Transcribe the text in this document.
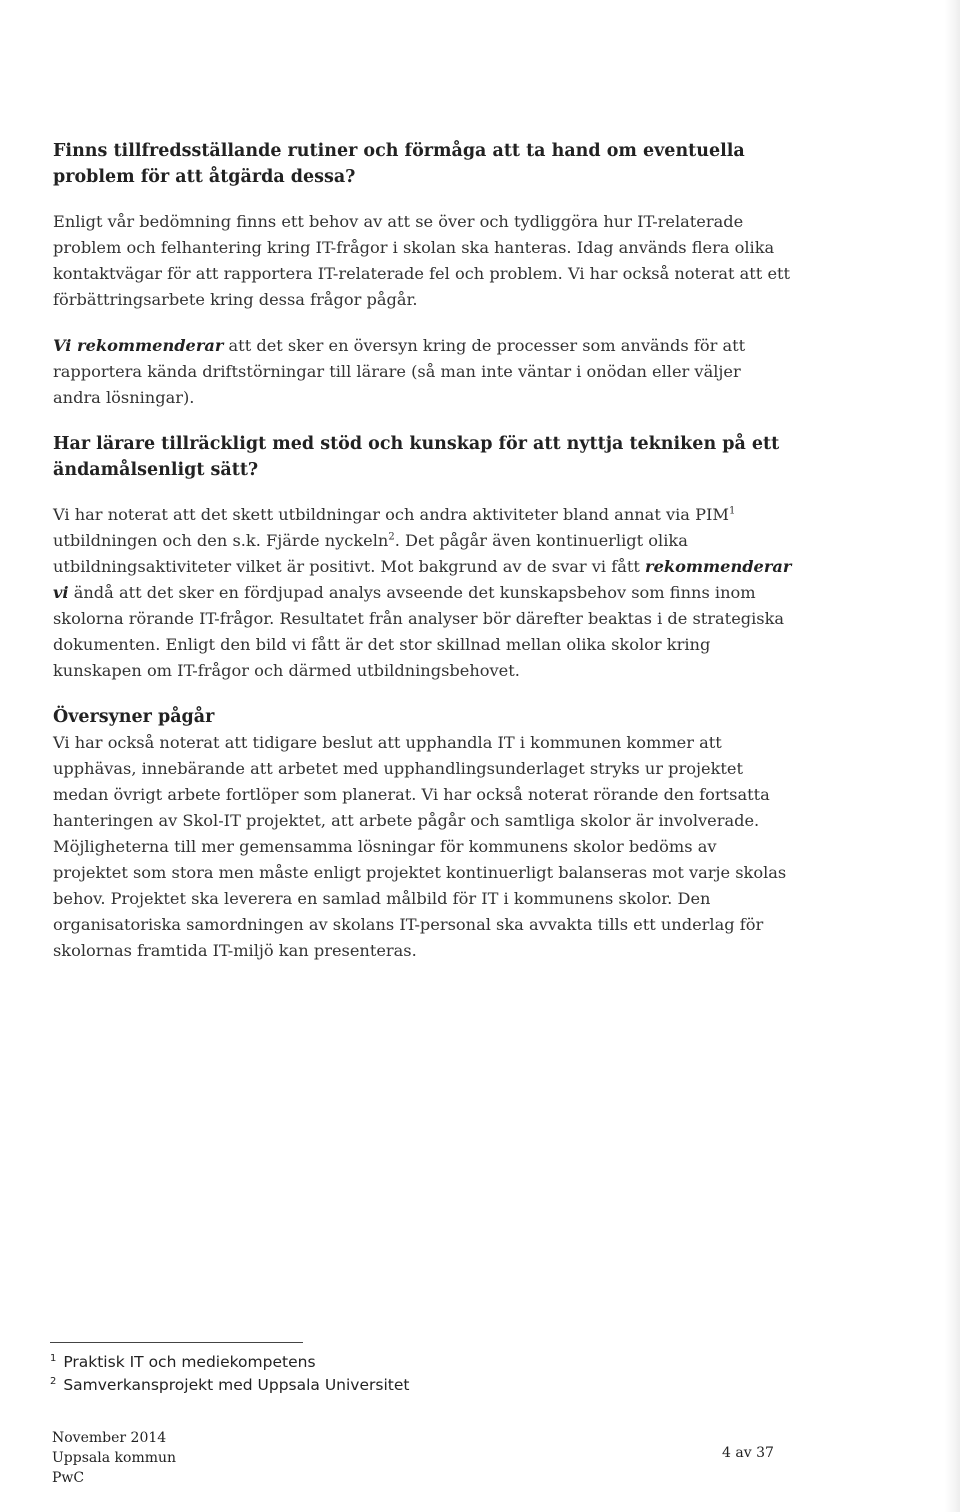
Finns tillfredsställande rutiner och förmåga att ta hand om eventuella problem för att åtgärda dessa?

Enligt vår bedömning finns ett behov av att se över och tydliggöra hur IT-relaterade problem och felhantering kring IT-frågor i skolan ska hanteras. Idag används flera olika kontaktvägar för att rapportera IT-relaterade fel och problem. Vi har också noterat att ett förbättringsarbete kring dessa frågor pågår.

Vi rekommenderar att det sker en översyn kring de processer som används för att rapportera kända driftstörningar till lärare (så man inte väntar i onödan eller väljer andra lösningar).

Har lärare tillräckligt med stöd och kunskap för att nyttja tekniken på ett ändamålsenligt sätt?

Vi har noterat att det skett utbildningar och andra aktiviteter bland annat via PIM$^1$ utbildningen och den s.k. Fjärde nyckeln$^2$. Det pågår även kontinuerligt olika utbildningsaktiviteter vilket är positivt. Mot bakgrund av de svar vi fått rekommenderar vi ändå att det sker en fördjupad analys avseende det kunskapsbehov som finns inom skolorna rörande IT-frågor. Resultatet från analyser bör därefter beaktas i de strategiska dokumenten. Enligt den bild vi fått är det stor skillnad mellan olika skolor kring kunskapen om IT-frågor och därmed utbildningsbehovet.

Översyner pågår
Vi har också noterat att tidigare beslut att upphandla IT i kommunen kommer att upphävas, innebärande att arbetet med upphandlingsunderlaget stryks ur projektet medan övrigt arbete fortlöper som planerat. Vi har också noterat rörande den fortsatta hanteringen av Skol-IT projektet, att arbete pågår och samtliga skolor är involverade. Möjligheterna till mer gemensamma lösningar för kommunens skolor bedöms av projektet som stora men måste enligt projektet kontinuerligt balanseras mot varje skolas behov. Projektet ska leverera en samlad målbild för IT i kommunens skolor. Den organisatoriska samordningen av skolans IT-personal ska avvakta tills ett underlag för skolornas framtida IT-miljö kan presenteras.

$^1$ Praktisk IT och mediekompetens
$^2$ Samverkansprojekt med Uppsala Universitet
November 2014
Uppsala kommun
PwC
4 av 37
